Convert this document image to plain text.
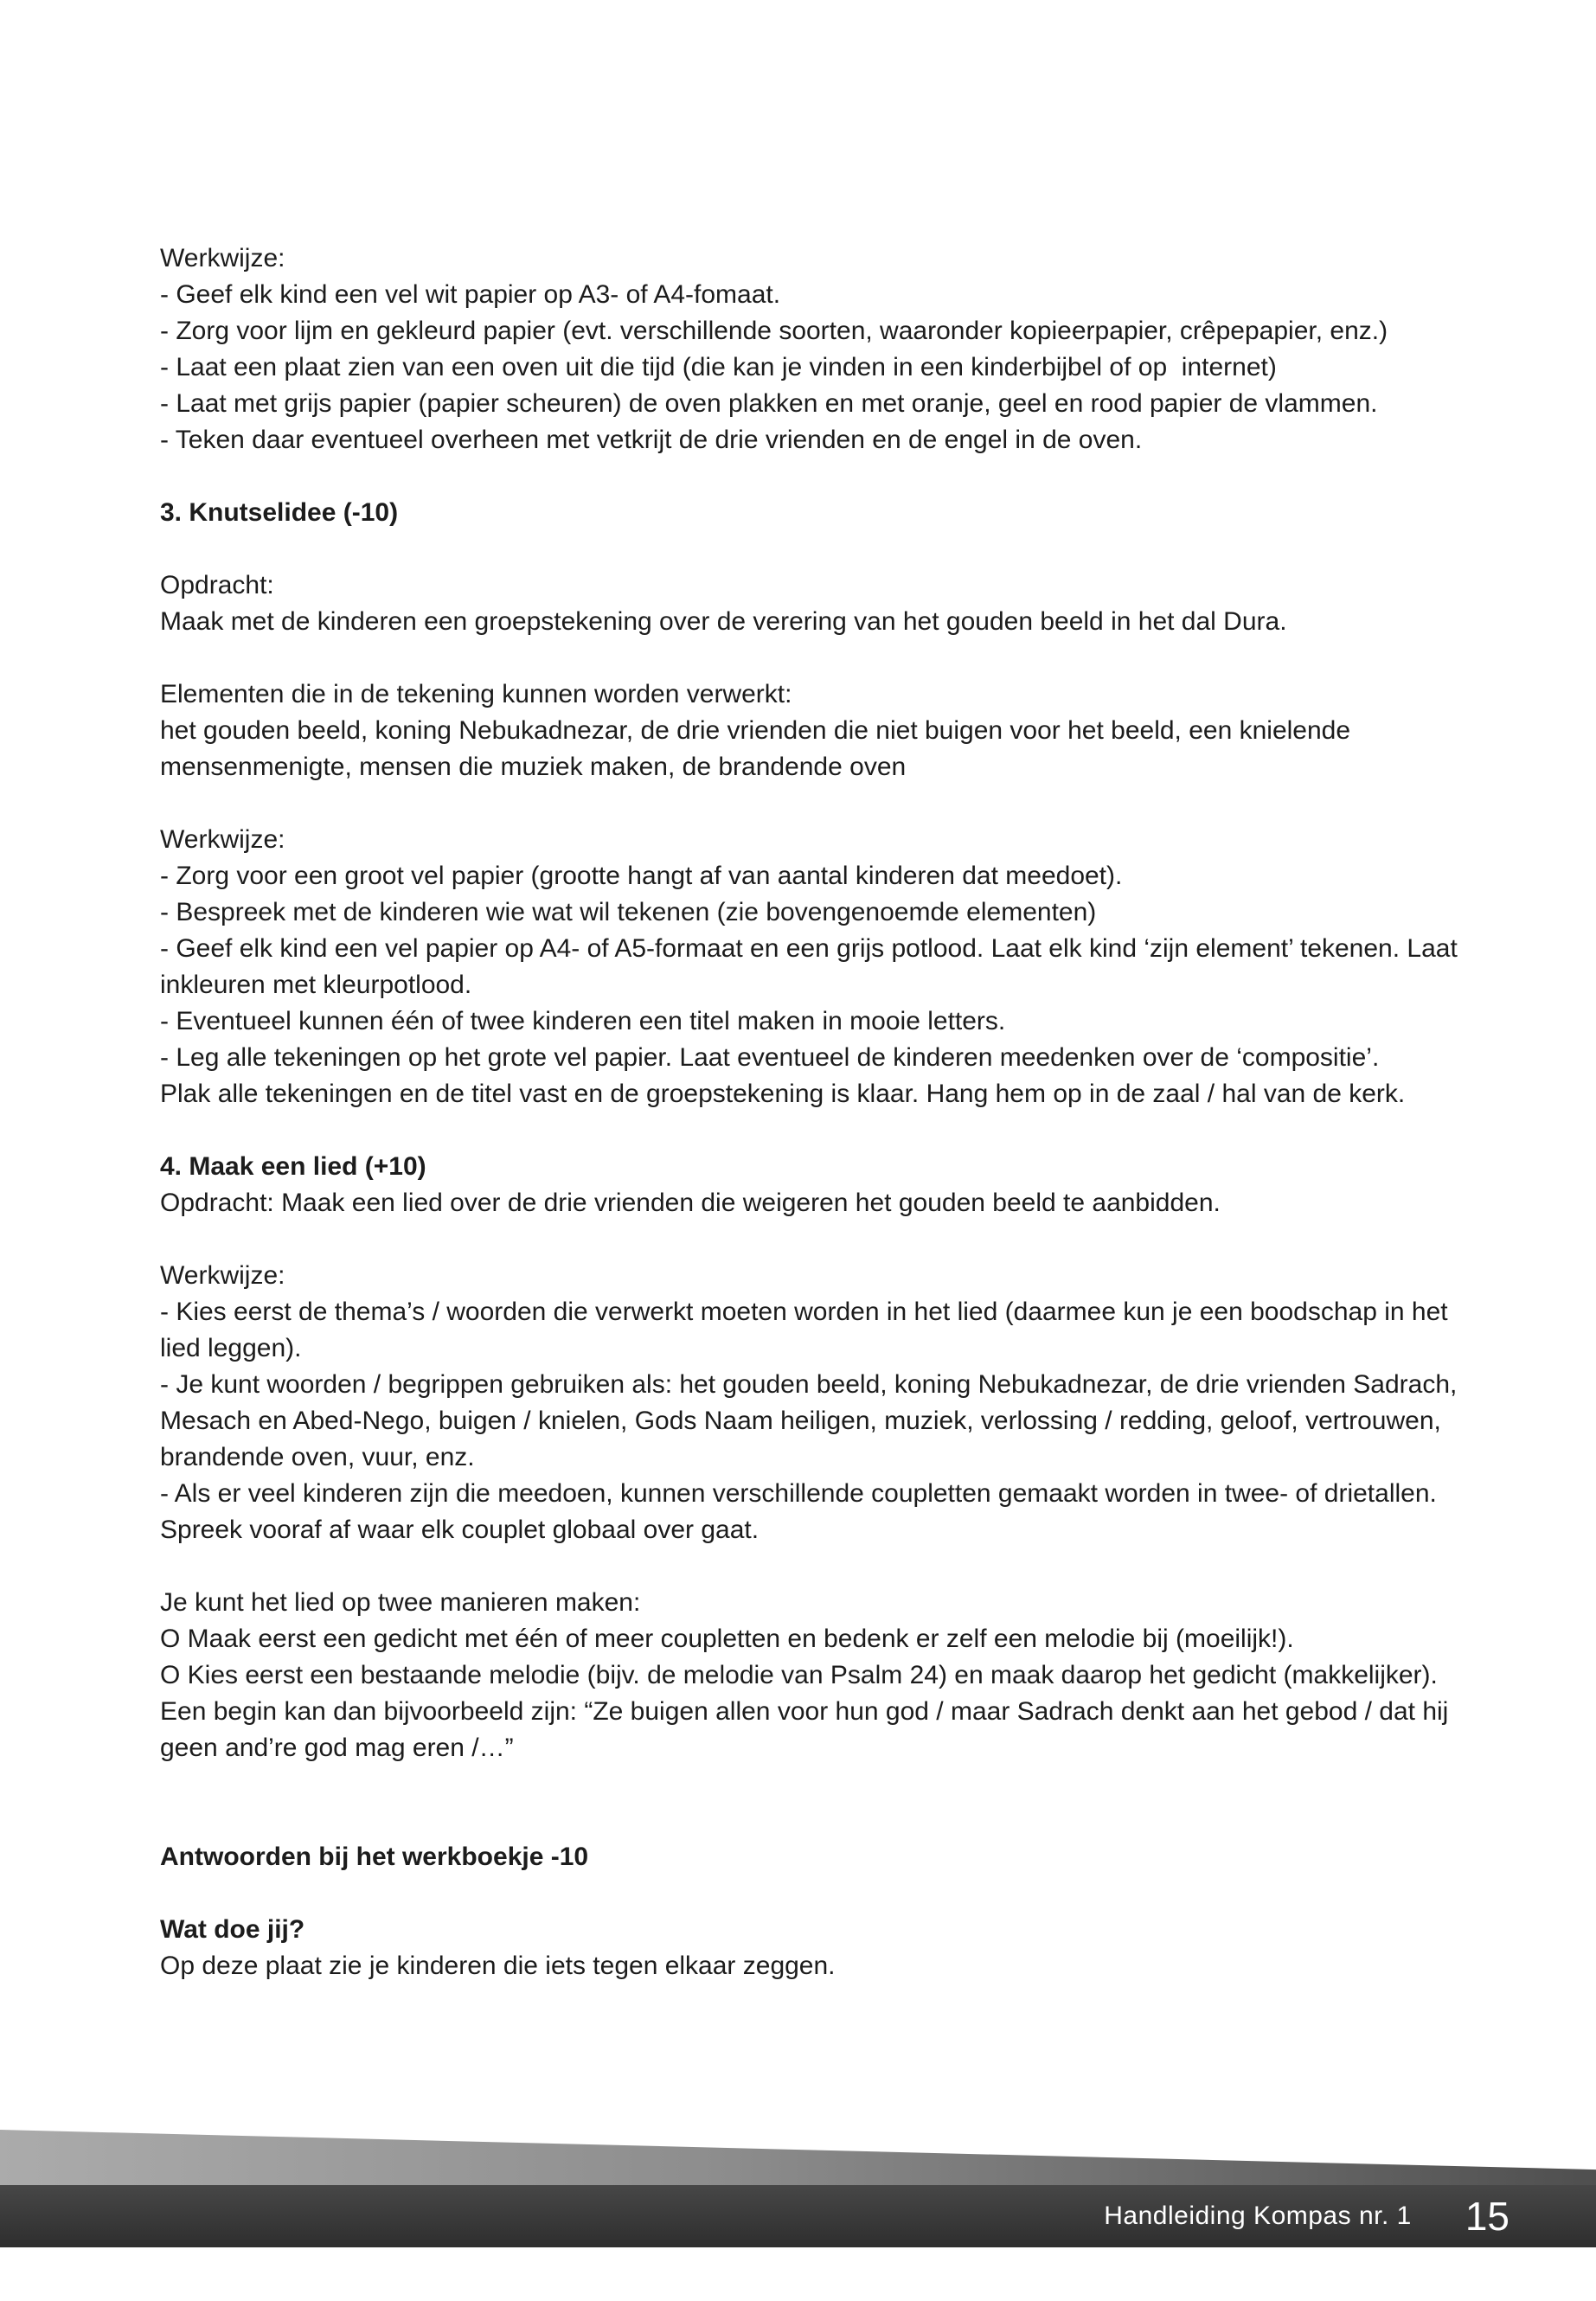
Werkwijze:

- Geef elk kind een vel wit papier op A3- of A4-fomaat.

- Zorg voor lijm en gekleurd papier (evt. verschillende soorten, waaronder kopieerpapier, crêpepapier, enz.)

- Laat een plaat zien van een oven uit die tijd (die kan je vinden in een kinderbijbel of op  internet)

- Laat met grijs papier (papier scheuren) de oven plakken en met oranje, geel en rood papier de vlammen.

- Teken daar eventueel overheen met vetkrijt de drie vrienden en de engel in de oven.

3. Knutselidee (-10)

Opdracht:

Maak met de kinderen een groepstekening over de verering van het gouden beeld in het dal Dura.

Elementen die in de tekening kunnen worden verwerkt:

het gouden beeld, koning Nebukadnezar, de drie vrienden die niet buigen voor het beeld, een knielende mensenmenigte, mensen die muziek maken, de brandende oven

Werkwijze:

- Zorg voor een groot vel papier (grootte hangt af van aantal kinderen dat meedoet).

- Bespreek met de kinderen wie wat wil tekenen (zie bovengenoemde elementen)

- Geef elk kind een vel papier op A4- of A5-formaat en een grijs potlood. Laat elk kind ‘zijn element’ tekenen. Laat inkleuren met kleurpotlood.

- Eventueel kunnen één of twee kinderen een titel maken in mooie letters.

- Leg alle tekeningen op het grote vel papier. Laat eventueel de kinderen meedenken over de ‘compositie’.

Plak alle tekeningen en de titel vast en de groepstekening is klaar. Hang hem op in de zaal / hal van de kerk.

4. Maak een lied (+10)

Opdracht: Maak een lied over de drie vrienden die weigeren het gouden beeld te aanbidden.

Werkwijze:

- Kies eerst de thema’s / woorden die verwerkt moeten worden in het lied (daarmee kun je een boodschap in het lied leggen).

- Je kunt woorden / begrippen gebruiken als: het gouden beeld, koning Nebukadnezar, de drie vrienden Sadrach, Mesach en Abed-Nego, buigen / knielen, Gods Naam heiligen, muziek, verlossing / redding, geloof, vertrouwen, brandende oven, vuur, enz.

- Als er veel kinderen zijn die meedoen, kunnen verschillende coupletten gemaakt worden in twee- of drietallen. Spreek vooraf af waar elk couplet globaal over gaat.

Je kunt het lied op twee manieren maken:

O Maak eerst een gedicht met één of meer coupletten en bedenk er zelf een melodie bij (moeilijk!).

O Kies eerst een bestaande melodie (bijv. de melodie van Psalm 24) en maak daarop het gedicht (makkelijker). Een begin kan dan bijvoorbeeld zijn: “Ze buigen allen voor hun god / maar Sadrach denkt aan het gebod / dat hij geen and’re god mag eren /…”

Antwoorden bij het werkboekje -10

Wat doe jij?

Op deze plaat zie je kinderen die iets tegen elkaar zeggen.

Handleiding Kompas nr. 1 15
